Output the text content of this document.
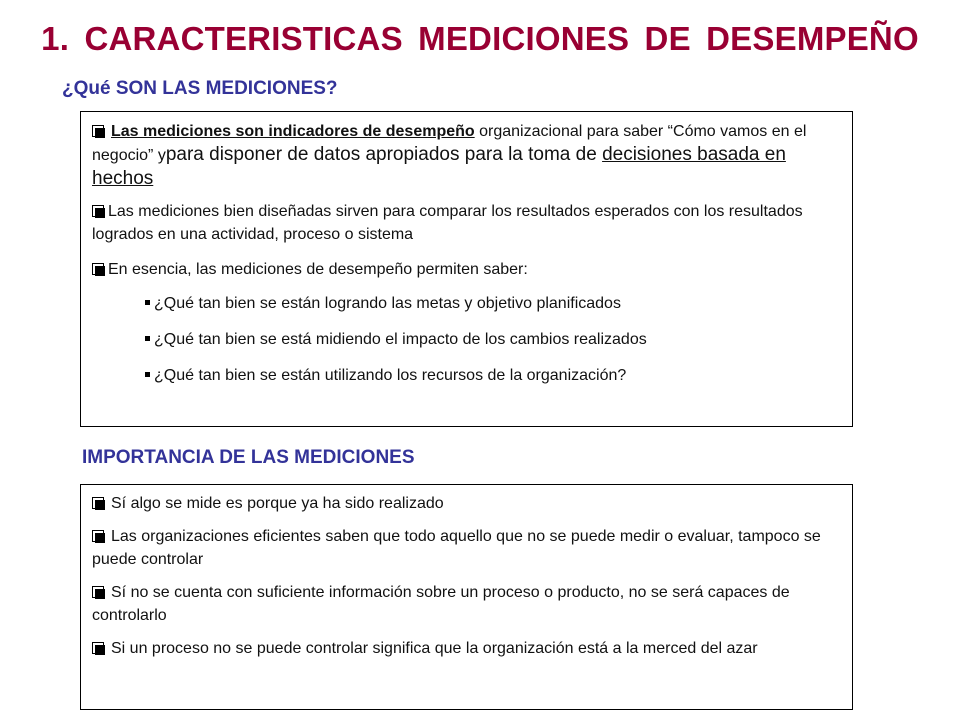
1. CARACTERISTICAS MEDICIONES DE DESEMPEÑO
¿Qué SON LAS MEDICIONES?
Las mediciones son indicadores de desempeño organizacional para saber “Cómo vamos en el negocio” ypara disponer de datos apropiados para la toma de decisiones basada en hechos
Las mediciones bien diseñadas sirven para comparar los resultados esperados con los resultados logrados en una actividad, proceso o sistema
En esencia, las mediciones de desempeño permiten saber:
¿Qué tan bien se están logrando las metas y objetivo planificados
¿Qué tan bien se está midiendo el impacto de los cambios realizados
¿Qué tan bien se están utilizando los recursos de la organización?
IMPORTANCIA DE LAS MEDICIONES
Sí algo se mide es porque ya ha sido realizado
Las organizaciones eficientes saben que todo aquello que no se puede medir o evaluar, tampoco se puede controlar
Sí no se cuenta con suficiente información sobre un proceso o producto, no se será capaces de controlarlo
Si un proceso no se puede controlar significa que la organización está a la merced del azar
